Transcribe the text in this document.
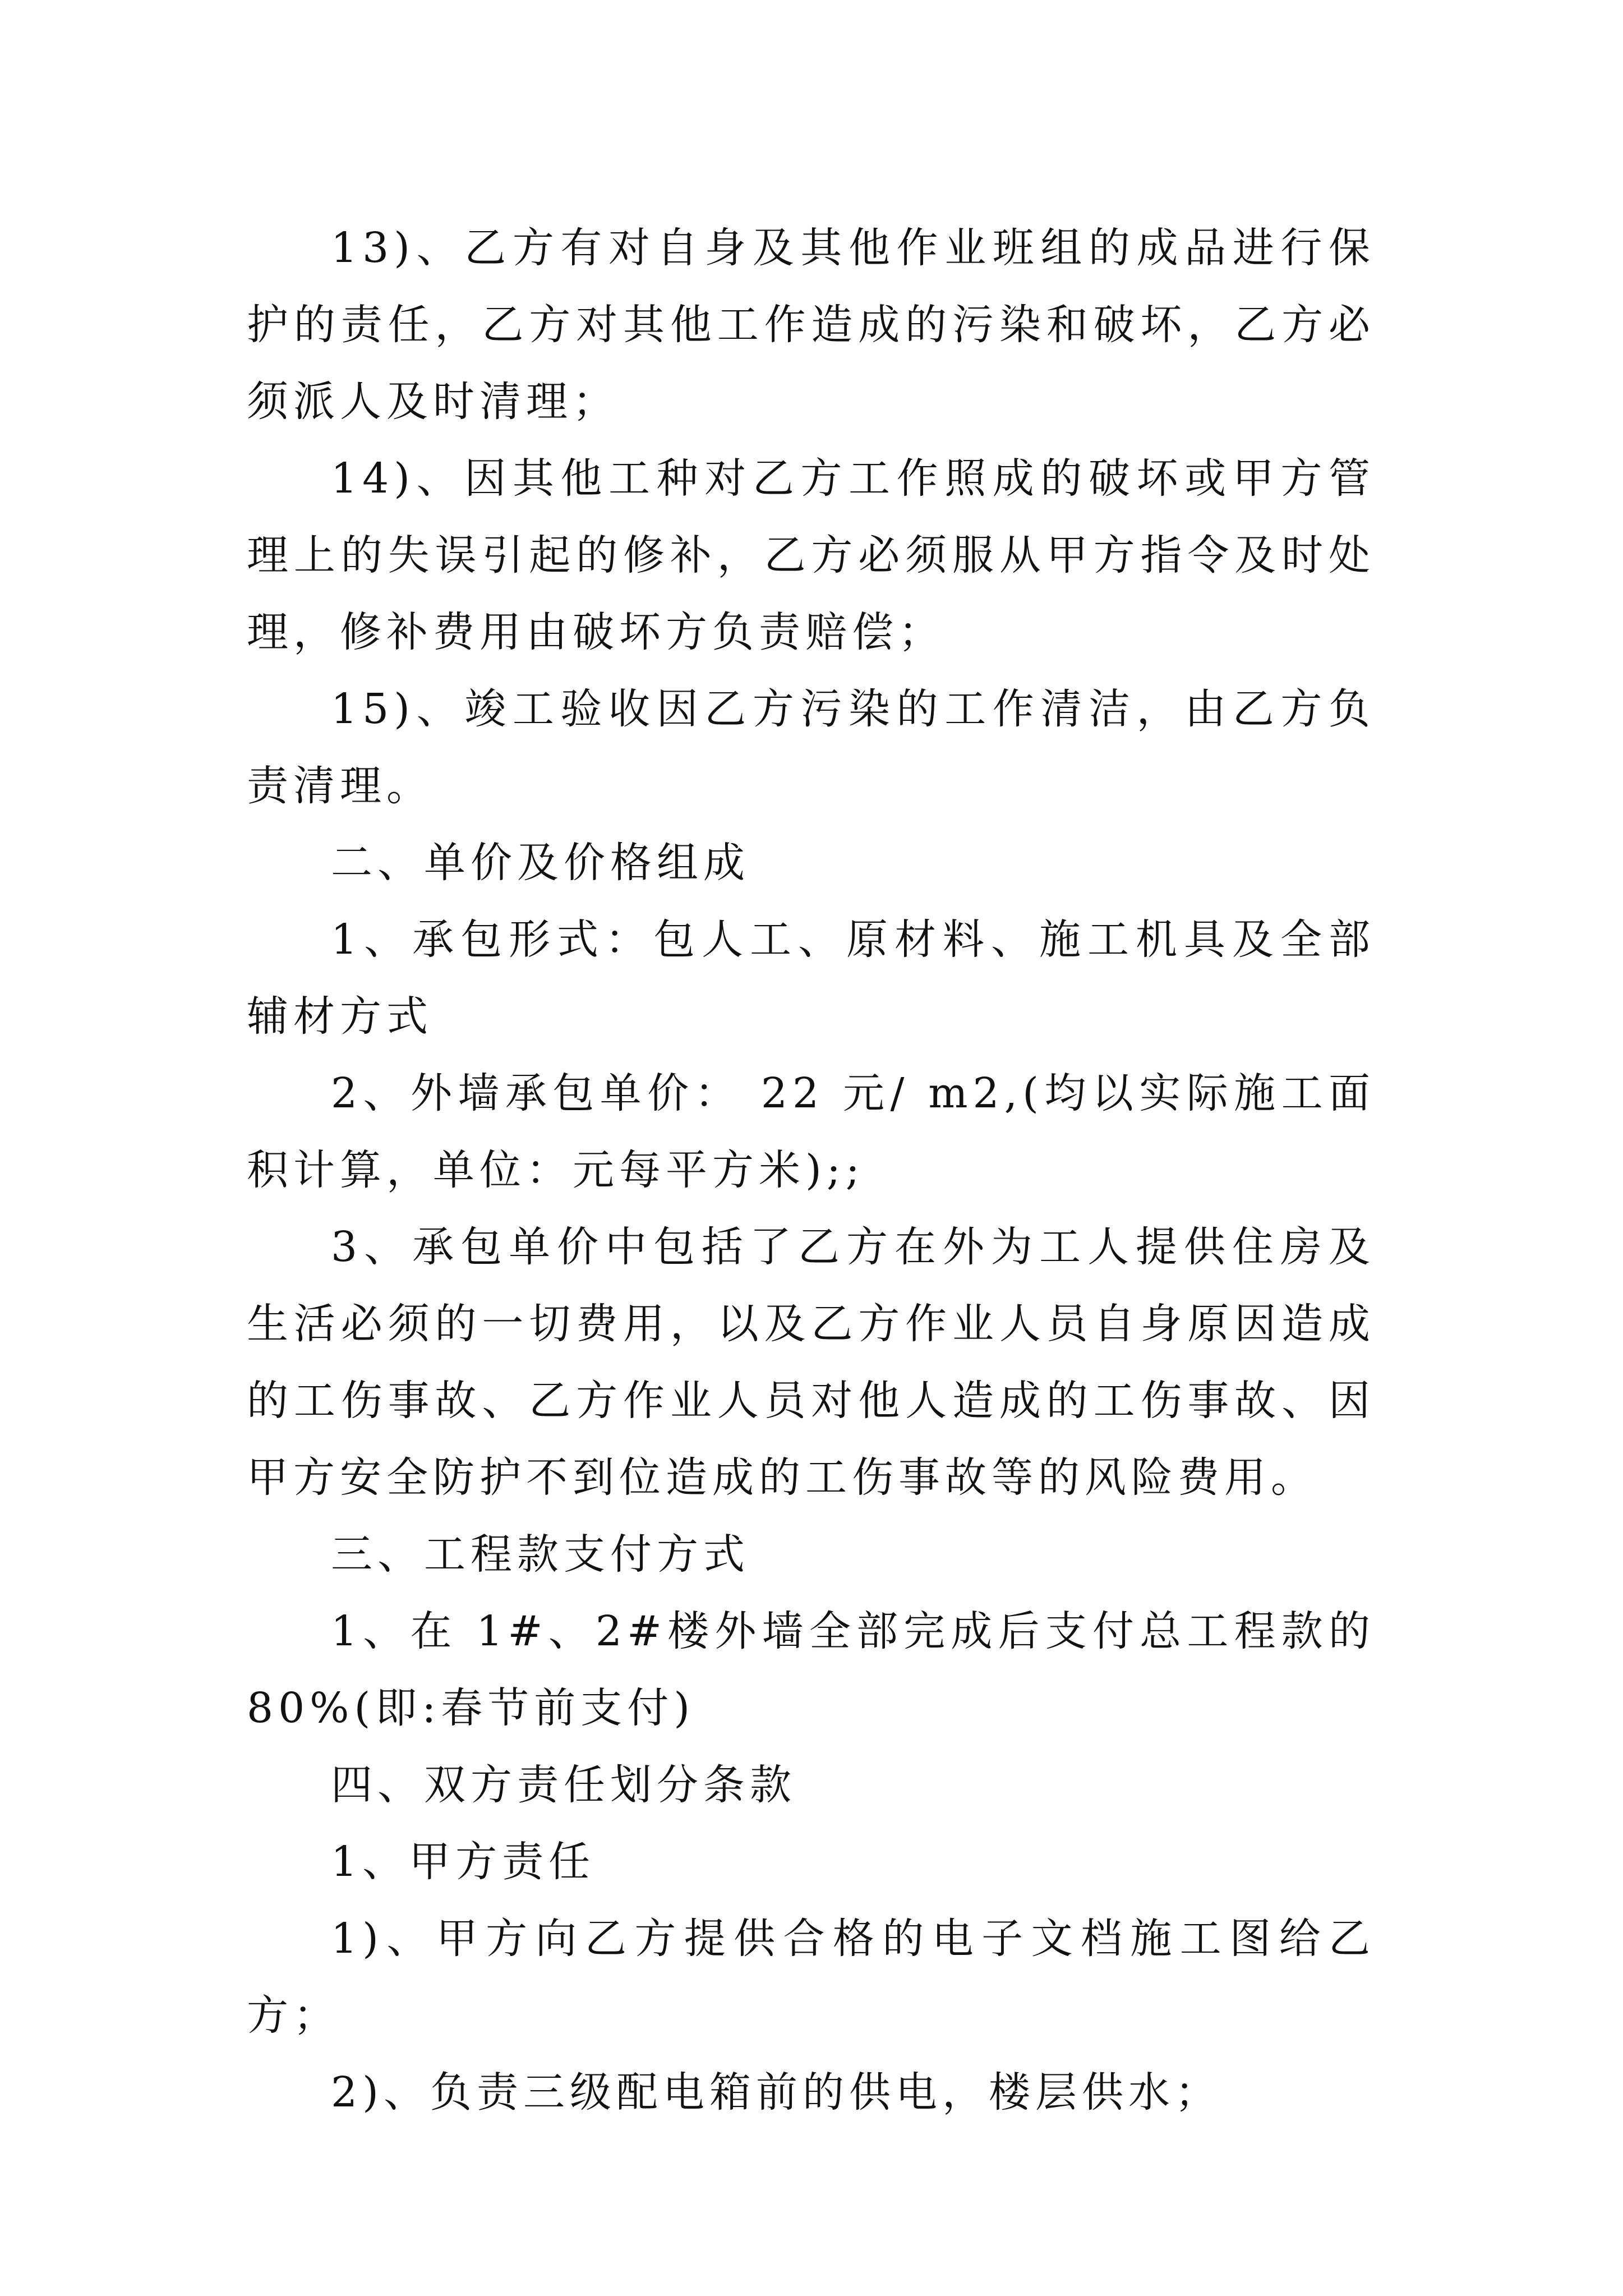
13)、乙方有对自身及其他作业班组的成品进行保护的责任，乙方对其他工作造成的污染和破坏，乙方必须派人及时清理；

14)、因其他工种对乙方工作照成的破坏或甲方管理上的失误引起的修补，乙方必须服从甲方指令及时处理，修补费用由破坏方负责赔偿；

15)、竣工验收因乙方污染的工作清洁，由乙方负责清理。

二、单价及价格组成

1、承包形式：包人工、原材料、施工机具及全部辅材方式

2、外墙承包单价： 22 元/ m2,(均以实际施工面积计算，单位：元每平方米);;

3、承包单价中包括了乙方在外为工人提供住房及生活必须的一切费用，以及乙方作业人员自身原因造成的工伤事故、乙方作业人员对他人造成的工伤事故、因甲方安全防护不到位造成的工伤事故等的风险费用。

三、工程款支付方式

1、在 1#、2#楼外墙全部完成后支付总工程款的 80%(即:春节前支付)

四、双方责任划分条款

1、甲方责任

1)、甲方向乙方提供合格的电子文档施工图给乙方；

2)、负责三级配电箱前的供电，楼层供水；
